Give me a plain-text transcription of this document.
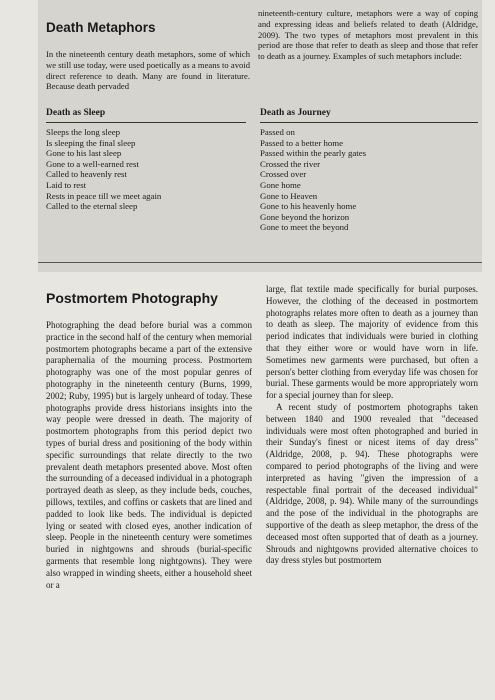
Death Metaphors

In the nineteenth century death metaphors, some of which we still use today, were used poetically as a means to avoid direct reference to death. Many are found in literature. Because death pervaded

nineteenth-century culture, metaphors were a way of coping and expressing ideas and beliefs related to death (Aldridge, 2009). The two types of metaphors most prevalent in this period are those that refer to death as sleep and those that refer to death as a journey. Examples of such metaphors include:

Death as Sleep
Sleeps the long sleep
Is sleeping the final sleep
Gone to his last sleep
Gone to a well-earned rest
Called to heavenly rest
Laid to rest
Rests in peace till we meet again
Called to the eternal sleep
Death as Journey
Passed on
Passed to a better home
Passed within the pearly gates
Crossed the river
Crossed over
Gone home
Gone to Heaven
Gone to his heavenly home
Gone beyond the horizon
Gone to meet the beyond
Postmortem Photography

Photographing the dead before burial was a common practice in the second half of the century when memorial postmortem photographs became a part of the extensive paraphernalia of the mourning process. Postmortem photography was one of the most popular genres of photography in the nineteenth century (Burns, 1999, 2002; Ruby, 1995) but is largely unheard of today. These photographs provide dress historians insights into the way people were dressed in death. The majority of postmortem photographs from this period depict two types of burial dress and positioning of the body within specific surroundings that relate directly to the two prevalent death metaphors presented above. Most often the surrounding of a deceased individual in a photograph portrayed death as sleep, as they include beds, couches, pillows, textiles, and coffins or caskets that are lined and padded to look like beds. The individual is depicted lying or seated with closed eyes, another indication of sleep. People in the nineteenth century were sometimes buried in nightgowns and shrouds (burial-specific garments that resemble long nightgowns). They were also wrapped in winding sheets, either a household sheet or a

large, flat textile made specifically for burial purposes. However, the clothing of the deceased in postmortem photographs relates more often to death as a journey than to death as sleep. The majority of evidence from this period indicates that individuals were buried in clothing that they either wore or would have worn in life. Sometimes new garments were purchased, but often a person's better clothing from everyday life was chosen for burial. These garments would be more appropriately worn for a special journey than for sleep.

A recent study of postmortem photographs taken between 1840 and 1900 revealed that "deceased individuals were most often photographed and buried in their Sunday's finest or nicest items of day dress" (Aldridge, 2008, p. 94). These photographs were compared to period photographs of the living and were interpreted as having "given the impression of a respectable final portrait of the deceased individual" (Aldridge, 2008, p. 94). While many of the surroundings and the pose of the individual in the photographs are supportive of the death as sleep metaphor, the dress of the deceased most often supported that of death as a journey. Shrouds and nightgowns provided alternative choices to day dress styles but postmortem
